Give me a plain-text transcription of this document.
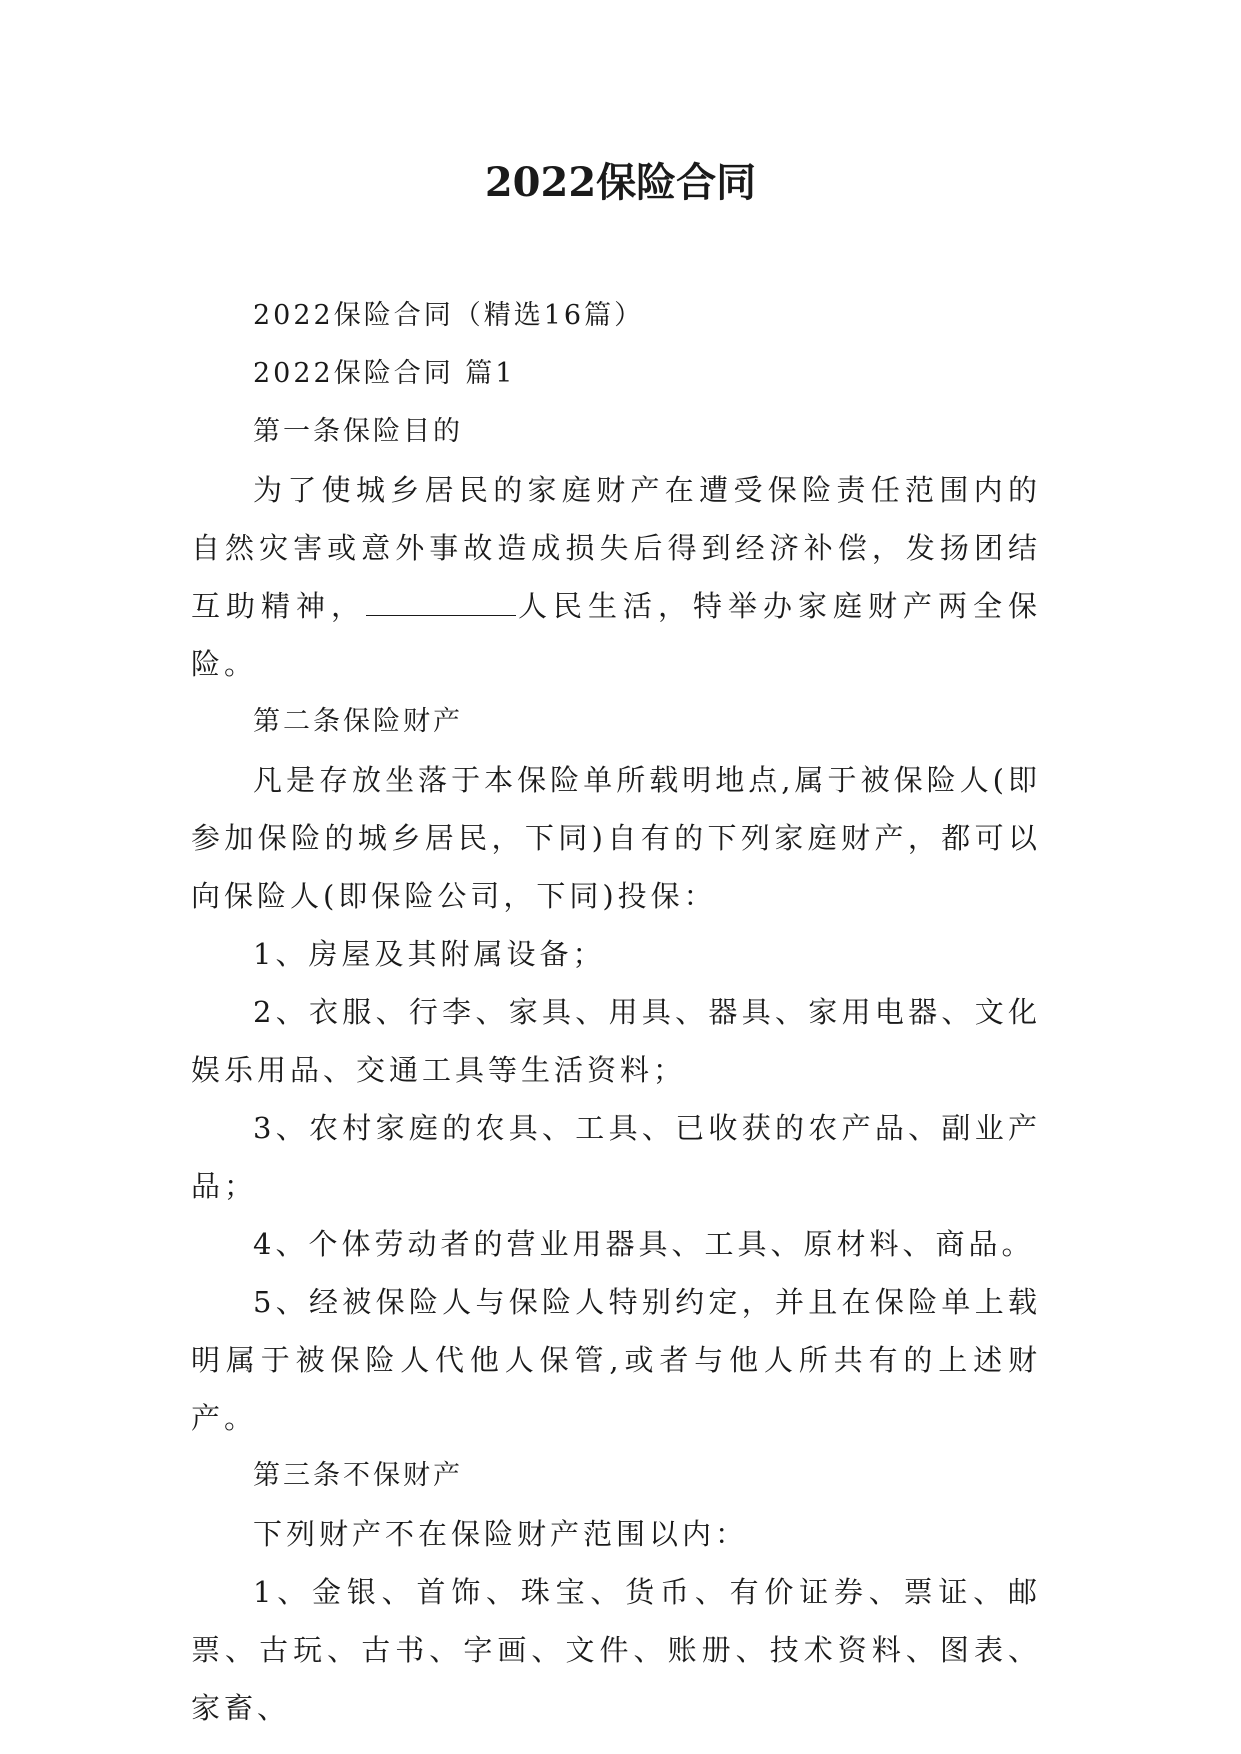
2022保险合同

2022保险合同（精选16篇）

2022保险合同 篇1

第一条保险目的

为了使城乡居民的家庭财产在遭受保险责任范围内的自然灾害或意外事故造成损失后得到经济补偿，发扬团结互助精神，	人民生活，特举办家庭财产两全保险。

第二条保险财产

凡是存放坐落于本保险单所载明地点,属于被保险人(即参加保险的城乡居民，下同)自有的下列家庭财产，都可以向保险人(即保险公司，下同)投保：

1、房屋及其附属设备；

2、衣服、行李、家具、用具、器具、家用电器、文化娱乐用品、交通工具等生活资料；

3、农村家庭的农具、工具、已收获的农产品、副业产品；

4、个体劳动者的营业用器具、工具、原材料、商品。

5、经被保险人与保险人特别约定，并且在保险单上载明属于被保险人代他人保管,或者与他人所共有的上述财产。

第三条不保财产

下列财产不在保险财产范围以内：

1、金银、首饰、珠宝、货币、有价证券、票证、邮票、古玩、古书、字画、文件、账册、技术资料、图表、家畜、
